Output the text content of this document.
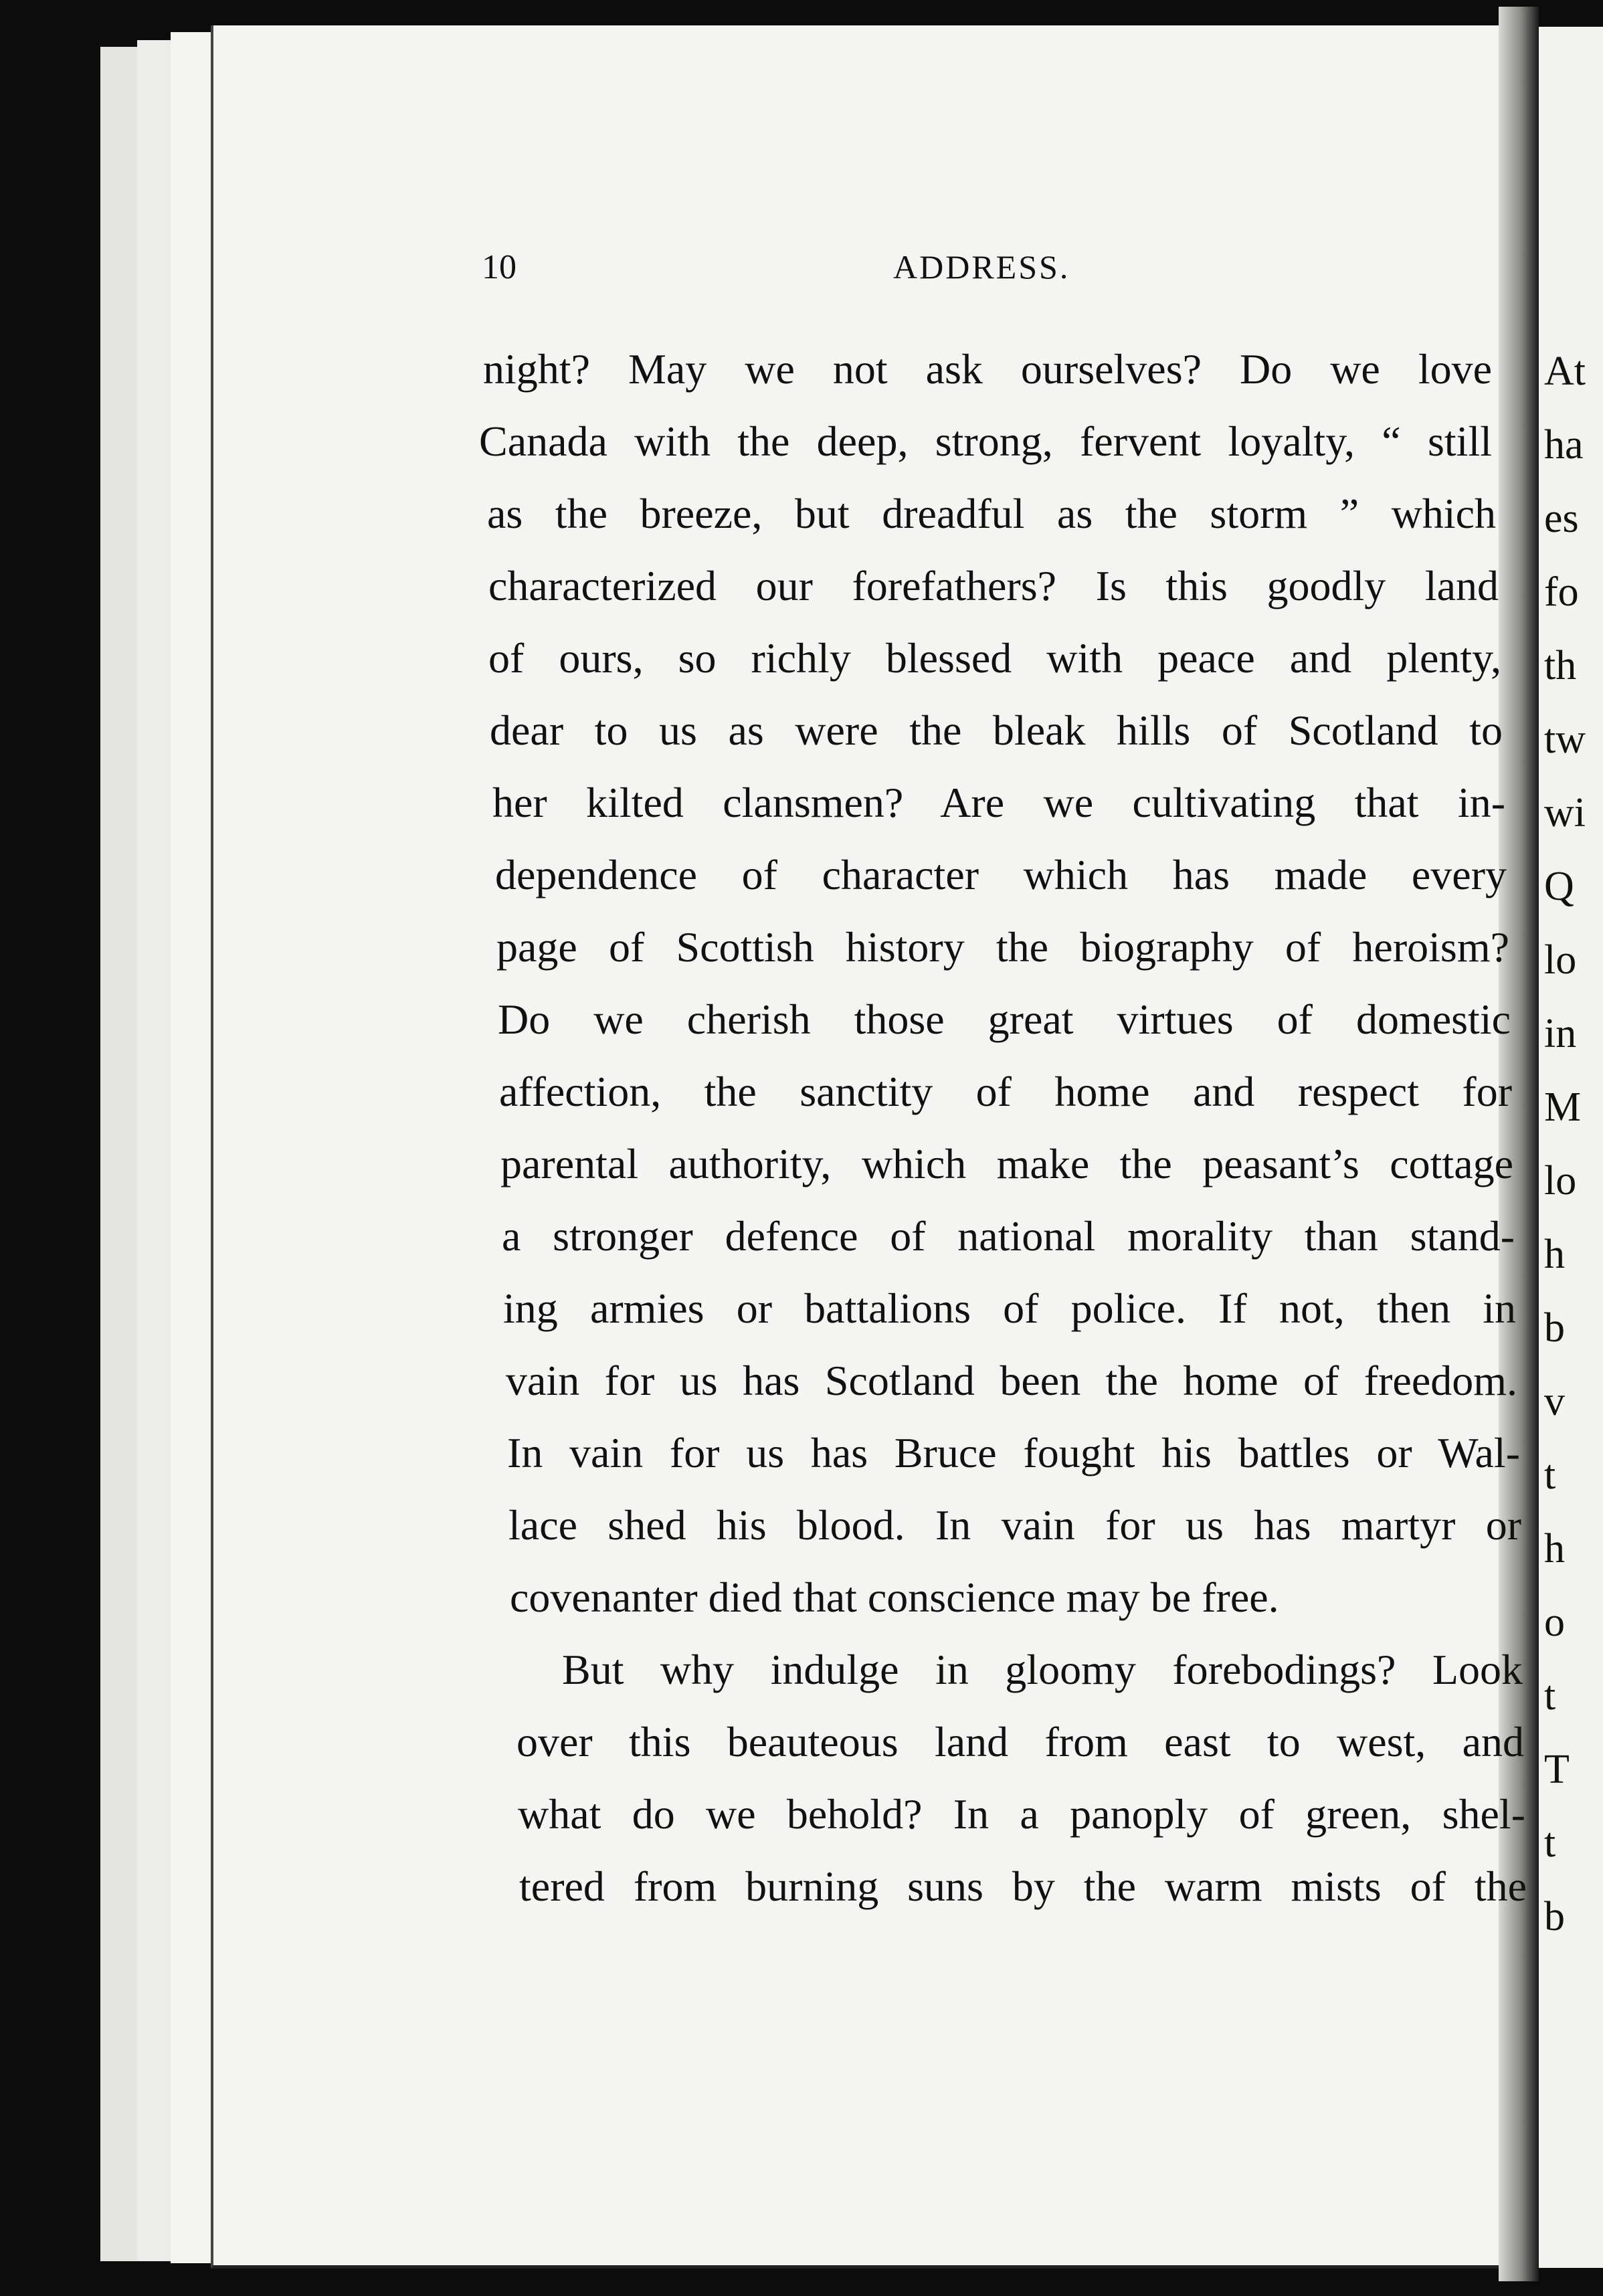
At
ha
es
fo
th
tw
wi
Q
lo
in
M
lo
h
b
v
t
h
o
t
T
t
b
10	ADDRESS.
night? May we not ask ourselves? Do we love
Canada with the deep, strong, fervent loyalty, “ still
as the breeze, but dreadful as the storm ” which
characterized our forefathers? Is this goodly land
of ours, so richly blessed with peace and plenty,
dear to us as were the bleak hills of Scotland to
her kilted clansmen? Are we cultivating that in-
dependence of character which has made every
page of Scottish history the biography of heroism?
Do we cherish those great virtues of domestic
affection, the sanctity of home and respect for
parental authority, which make the peasant’s cottage
a stronger defence of national morality than stand-
ing armies or battalions of police. If not, then in
vain for us has Scotland been the home of freedom.
In vain for us has Bruce fought his battles or Wal-
lace shed his blood. In vain for us has martyr or
covenanter died that conscience may be free.
But why indulge in gloomy forebodings? Look
over this beauteous land from east to west, and
what do we behold? In a panoply of green, shel-
tered from burning suns by the warm mists of the
